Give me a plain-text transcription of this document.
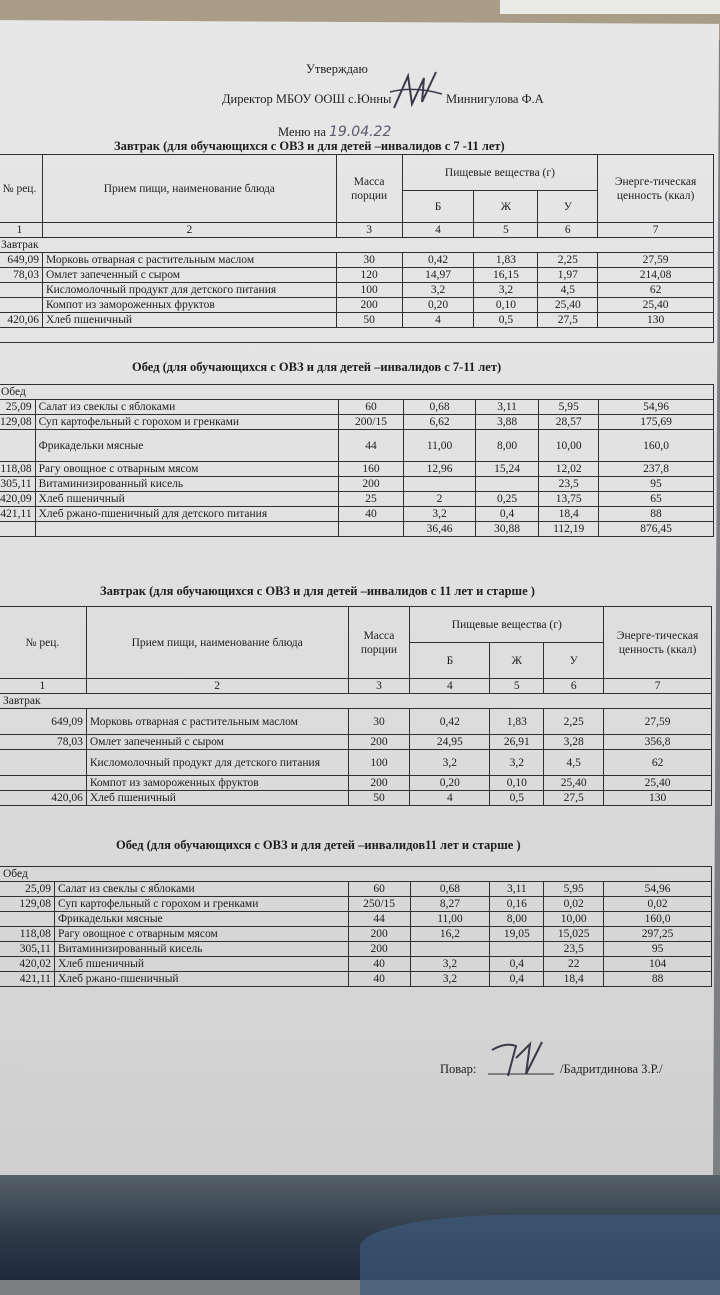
Утверждаю
Директор МБОУ ООШ с.Юнны	Миннигулова Ф.А
Меню на 19.04.22
Завтрак (для обучающихся с ОВЗ и для детей –инвалидов с 7 -11 лет)
№ рец.	Прием пищи, наименование блюда	Масса порции	Пищевые вещества (г)			Энерге-тическая ценность (ккал)
			Б	Ж	У	
1	2	3	4	5	6	7
Завтрак						
649,09	Морковь отварная с растительным маслом	30	0,42	1,83	2,25	27,59
78,03	Омлет запеченный с сыром	120	14,97	16,15	1,97	214,08
	Кисломолочный продукт для детского питания	100	3,2	3,2	4,5	62
	Компот из замороженных фруктов	200	0,20	0,10	25,40	25,40
420,06	Хлеб пшеничный	50	4	0,5	27,5	130

Обед (для обучающихся с ОВЗ и для детей –инвалидов с 7-11 лет)
Обед						
25,09	Салат из свеклы с яблоками	60	0,68	3,11	5,95	54,96
129,08	Суп картофельный с горохом и гренками	200/15	6,62	3,88	28,57	175,69
	Фрикадельки мясные	44	11,00	8,00	10,00	160,0
118,08	Рагу овощное с отварным мясом	160	12,96	15,24	12,02	237,8
305,11	Витаминизированный кисель	200			23,5	95
420,09	Хлеб пшеничный	25	2	0,25	13,75	65
421,11	Хлеб ржано-пшеничный для детского питания	40	3,2	0,4	18,4	88
			36,46	30,88	112,19	876,45
Завтрак (для обучающихся с ОВЗ и для детей –инвалидов с 11 лет и старше )
№ рец.	Прием пищи, наименование блюда	Масса порции	Пищевые вещества (г)			Энерге-тическая ценность (ккал)
			Б	Ж	У	
1	2	3	4	5	6	7
Завтрак						
649,09	Морковь отварная с растительным маслом	30	0,42	1,83	2,25	27,59
78,03	Омлет запеченный с сыром	200	24,95	26,91	3,28	356,8
	Кисломолочный продукт для детского питания	100	3,2	3,2	4,5	62
	Компот из замороженных фруктов	200	0,20	0,10	25,40	25,40
420,06	Хлеб пшеничный	50	4	0,5	27,5	130
Обед (для обучающихся с ОВЗ и для детей –инвалидов11 лет и старше )
Обед						
25,09	Салат из свеклы с яблоками	60	0,68	3,11	5,95	54,96
129,08	Суп картофельный с горохом и гренками	250/15	8,27	0,16	0,02	0,02
	Фрикадельки мясные	44	11,00	8,00	10,00	160,0
118,08	Рагу овощное с отварным мясом	200	16,2	19,05	15,025	297,25
305,11	Витаминизированный кисель	200			23,5	95
420,02	Хлеб пшеничный	40	3,2	0,4	22	104
421,11	Хлеб ржано-пшеничный	40	3,2	0,4	18,4	88
Повар:	/Бадритдинова З.Р./
